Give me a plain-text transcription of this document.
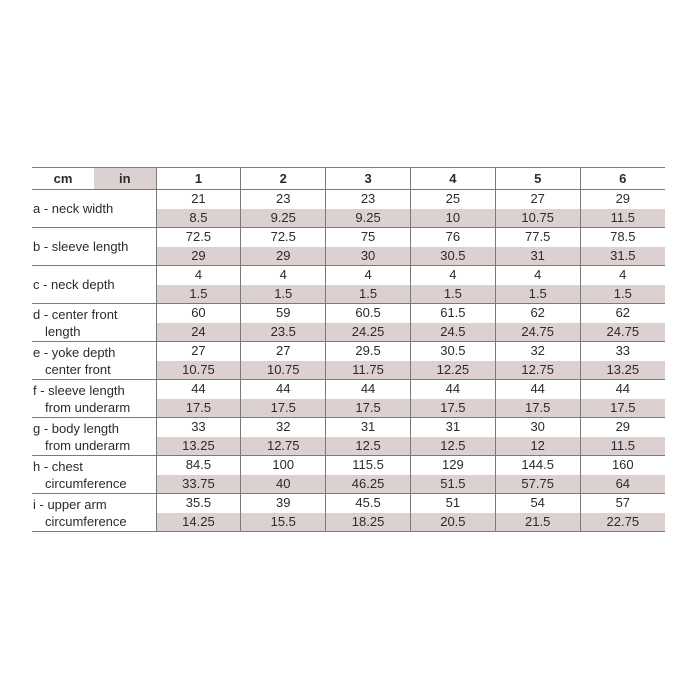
cm in	1	2	3	4	5	6

a - neck width	21	23	23	25	27	29
	8.5	9.25	9.25	10	10.75	11.5

b - sleeve length	72.5	72.5	75	76	77.5	78.5
	29	29	30	30.5	31	31.5

c - neck depth	4	4	4	4	4	4
	1.5	1.5	1.5	1.5	1.5	1.5

d - center front
length	60	59	60.5	61.5	62	62
	24	23.5	24.25	24.5	24.75	24.75

e - yoke depth
center front	27	27	29.5	30.5	32	33
	10.75	10.75	11.75	12.25	12.75	13.25

f - sleeve length
from underarm	44	44	44	44	44	44
	17.5	17.5	17.5	17.5	17.5	17.5

g - body length
from underarm	33	32	31	31	30	29
	13.25	12.75	12.5	12.5	12	11.5

h - chest
circumference	84.5	100	115.5	129	144.5	160
	33.75	40	46.25	51.5	57.75	64

i - upper arm
circumference	35.5	39	45.5	51	54	57
	14.25	15.5	18.25	20.5	21.5	22.75
